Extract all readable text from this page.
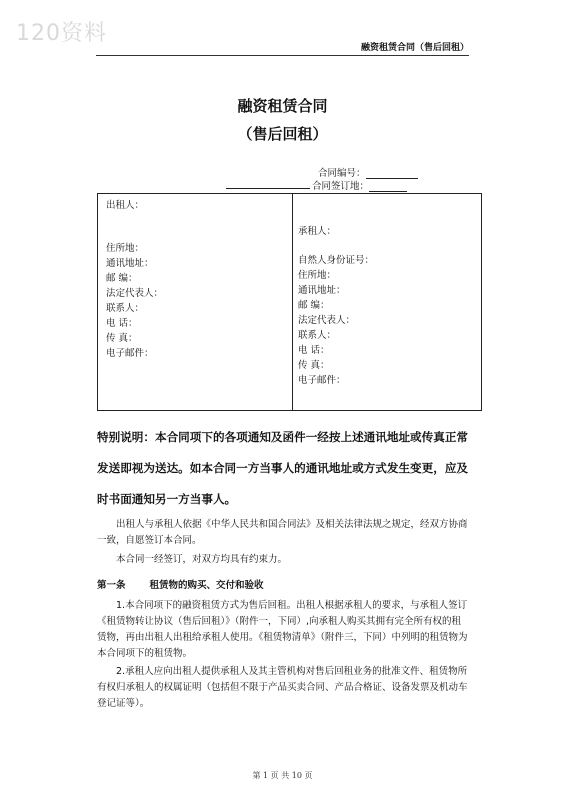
120资料
融资租赁合同（售后回租）
融资租赁合同
（售后回租）
合同编号：
合同签订地：
出租人：
住所地：
通讯地址：
邮 编：
法定代表人：
联系人：
电 话：
传 真：
电子邮件：
承租人：
自然人身份证号：
住所地：
通讯地址：
邮 编：
法定代表人：
联系人：
电 话：
传 真：
电子邮件：
特别说明：本合同项下的各项通知及函件一经按上述通讯地址或传真正常发送即视为送达。如本合同一方当事人的通讯地址或方式发生变更，应及时书面通知另一方当事人。
出租人与承租人依据《中华人民共和国合同法》及相关法律法规之规定，经双方协商一致，自愿签订本合同。
本合同一经签订，对双方均具有约束力。
第一条	租赁物的购买、交付和验收
1.本合同项下的融资租赁方式为售后回租。出租人根据承租人的要求，与承租人签订《租赁物转让协议（售后回租）》（附件一，下同）,向承租人购买其拥有完全所有权的租赁物，再由出租人出租给承租人使用。《租赁物清单》（附件三，下同）中列明的租赁物为本合同项下的租赁物。
2.承租人应向出租人提供承租人及其主管机构对售后回租业务的批准文件、租赁物所有权归承租人的权属证明（包括但不限于产品买卖合同、产品合格证、设备发票及机动车登记证等）。
第 1 页 共 10 页
